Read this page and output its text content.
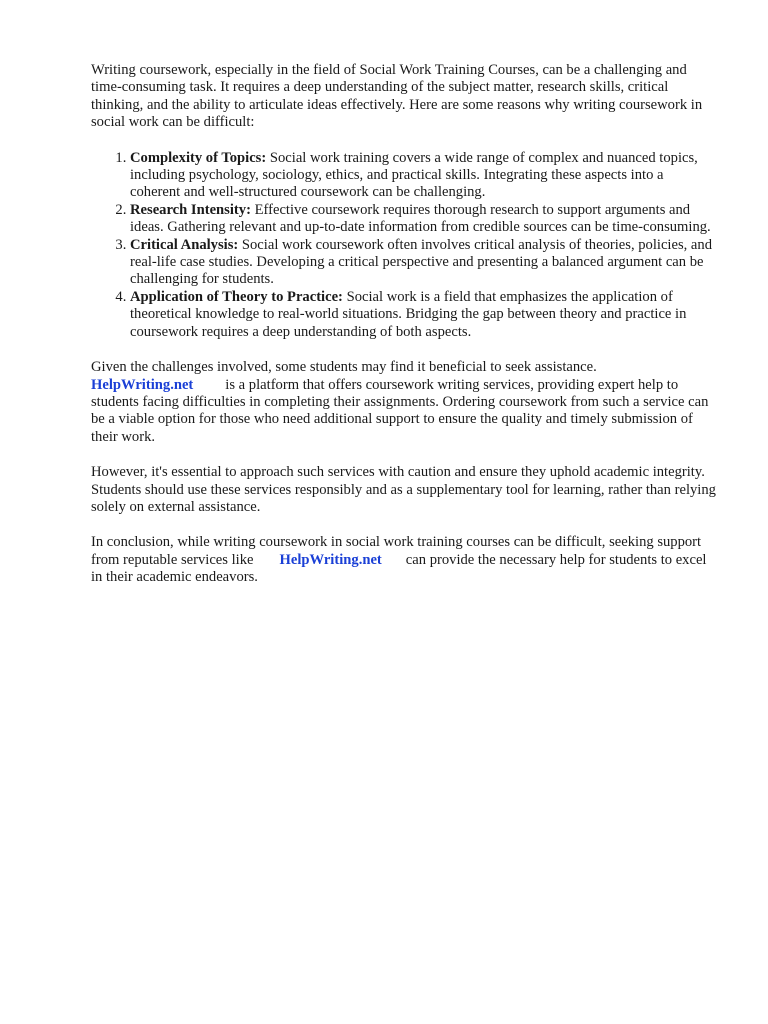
Writing coursework, especially in the field of Social Work Training Courses, can be a challenging and time-consuming task. It requires a deep understanding of the subject matter, research skills, critical thinking, and the ability to articulate ideas effectively. Here are some reasons why writing coursework in social work can be difficult:

1. Complexity of Topics: Social work training covers a wide range of complex and nuanced topics, including psychology, sociology, ethics, and practical skills. Integrating these aspects into a coherent and well-structured coursework can be challenging.
2. Research Intensity: Effective coursework requires thorough research to support arguments and ideas. Gathering relevant and up-to-date information from credible sources can be time-consuming.
3. Critical Analysis: Social work coursework often involves critical analysis of theories, policies, and real-life case studies. Developing a critical perspective and presenting a balanced argument can be challenging for students.
4. Application of Theory to Practice: Social work is a field that emphasizes the application of theoretical knowledge to real-world situations. Bridging the gap between theory and practice in coursework requires a deep understanding of both aspects.

Given the challenges involved, some students may find it beneficial to seek assistance.
HelpWriting.net is a platform that offers coursework writing services, providing expert help to students facing difficulties in completing their assignments. Ordering coursework from such a service can be a viable option for those who need additional support to ensure the quality and timely submission of their work.

However, it's essential to approach such services with caution and ensure they uphold academic integrity. Students should use these services responsibly and as a supplementary tool for learning, rather than relying solely on external assistance.

In conclusion, while writing coursework in social work training courses can be difficult, seeking support from reputable services like HelpWriting.net can provide the necessary help for students to excel in their academic endeavors.
